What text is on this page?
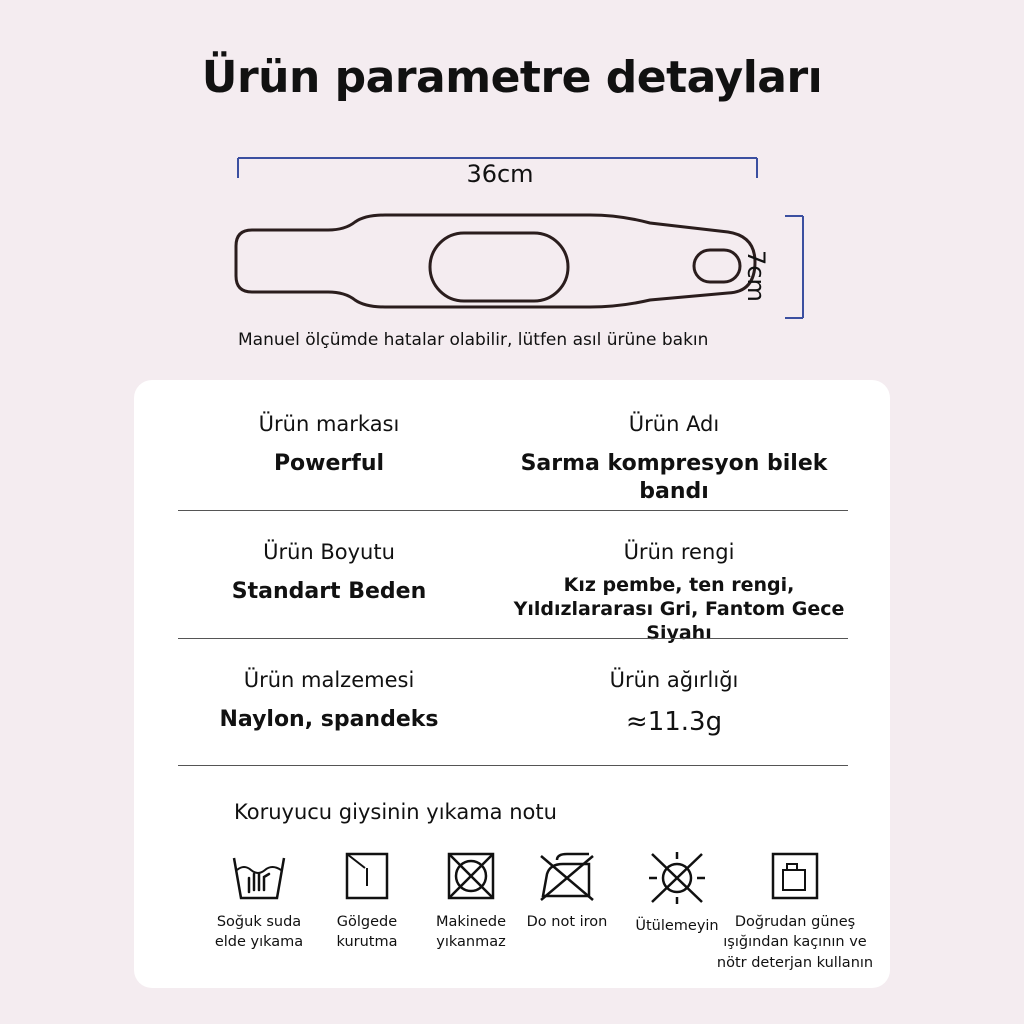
Ürün parametre detayları
36cm
7cm
Manuel ölçümde hatalar olabilir, lütfen asıl ürüne bakın
Ürün markası
Powerful
Ürün Adı
Sarma kompresyon bilek bandı
Ürün Boyutu
Standart Beden
Ürün rengi
Kız pembe, ten rengi,
Yıldızlararası Gri, Fantom Gece Siyahı
Ürün malzemesi
Naylon, spandeks
Ürün ağırlığı
≈11.3g
Koruyucu giysinin yıkama notu
Soğuk suda
elde yıkama
Gölgede
kurutma
Makinede
yıkanmaz
Do not iron	Ütülemeyin	Doğrudan güneş
ışığından kaçının ve
nötr deterjan kullanın
